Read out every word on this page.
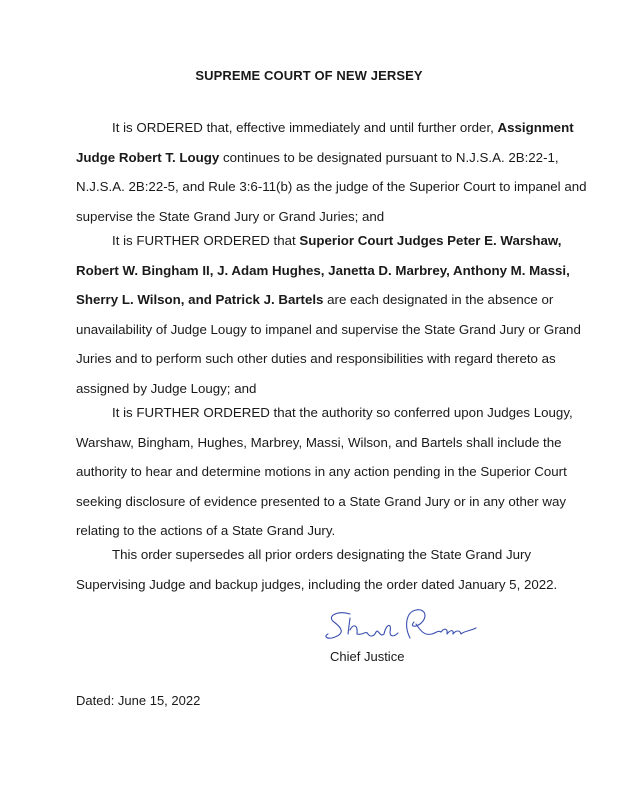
SUPREME COURT OF NEW JERSEY
It is ORDERED that, effective immediately and until further order, Assignment
Judge Robert T. Lougy continues to be designated pursuant to N.J.S.A. 2B:22-1,
N.J.S.A. 2B:22-5, and Rule 3:6-11(b) as the judge of the Superior Court to impanel and
supervise the State Grand Jury or Grand Juries; and
It is FURTHER ORDERED that Superior Court Judges Peter E. Warshaw,
Robert W. Bingham II, J. Adam Hughes, Janetta D. Marbrey, Anthony M. Massi,
Sherry L. Wilson, and Patrick J. Bartels are each designated in the absence or
unavailability of Judge Lougy to impanel and supervise the State Grand Jury or Grand
Juries and to perform such other duties and responsibilities with regard thereto as
assigned by Judge Lougy; and
It is FURTHER ORDERED that the authority so conferred upon Judges Lougy,
Warshaw, Bingham, Hughes, Marbrey, Massi, Wilson, and Bartels shall include the
authority to hear and determine motions in any action pending in the Superior Court
seeking disclosure of evidence presented to a State Grand Jury or in any other way
relating to the actions of a State Grand Jury.
This order supersedes all prior orders designating the State Grand Jury
Supervising Judge and backup judges, including the order dated January 5, 2022.
Chief Justice
Dated: June 15, 2022
